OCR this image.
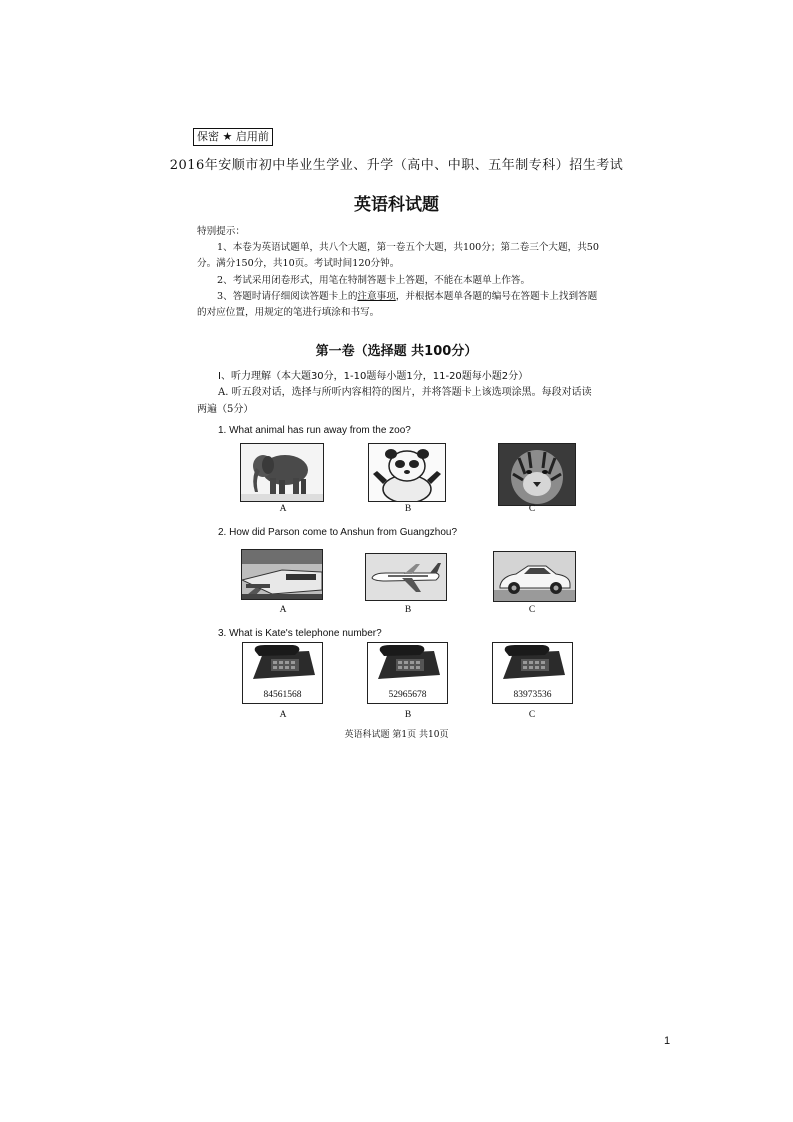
保密 ★ 启用前
2016年安顺市初中毕业生学业、升学（高中、中职、五年制专科）招生考试
英语科试题
特别提示：
1、本卷为英语试题单，共八个大题，第一卷五个大题，共100分；第二卷三个大题，共50分。满分150分，共10页。考试时间120分钟。
2、考试采用闭卷形式，用笔在特制答题卡上答题，不能在本题单上作答。
3、答题时请仔细阅读答题卡上的注意事项，并根据本题单各题的编号在答题卡上找到答题的对应位置，用规定的笔进行填涂和书写。
第一卷（选择题 共100分）
Ⅰ、听力理解（本大题30分，1-10题每小题1分，11-20题每小题2分）
A. 听五段对话，选择与所听内容相符的图片，并将答题卡上该选项涂黑。每段对话读两遍（5分）
1. What animal has run away from the zoo?
A	B	C
2. How did Parson come to Anshun from Guangzhou?
A	B	C
3. What is Kate's telephone number?
84561568	52965678	83973536
A	B	C
英语科试题 第1页 共10页
1
